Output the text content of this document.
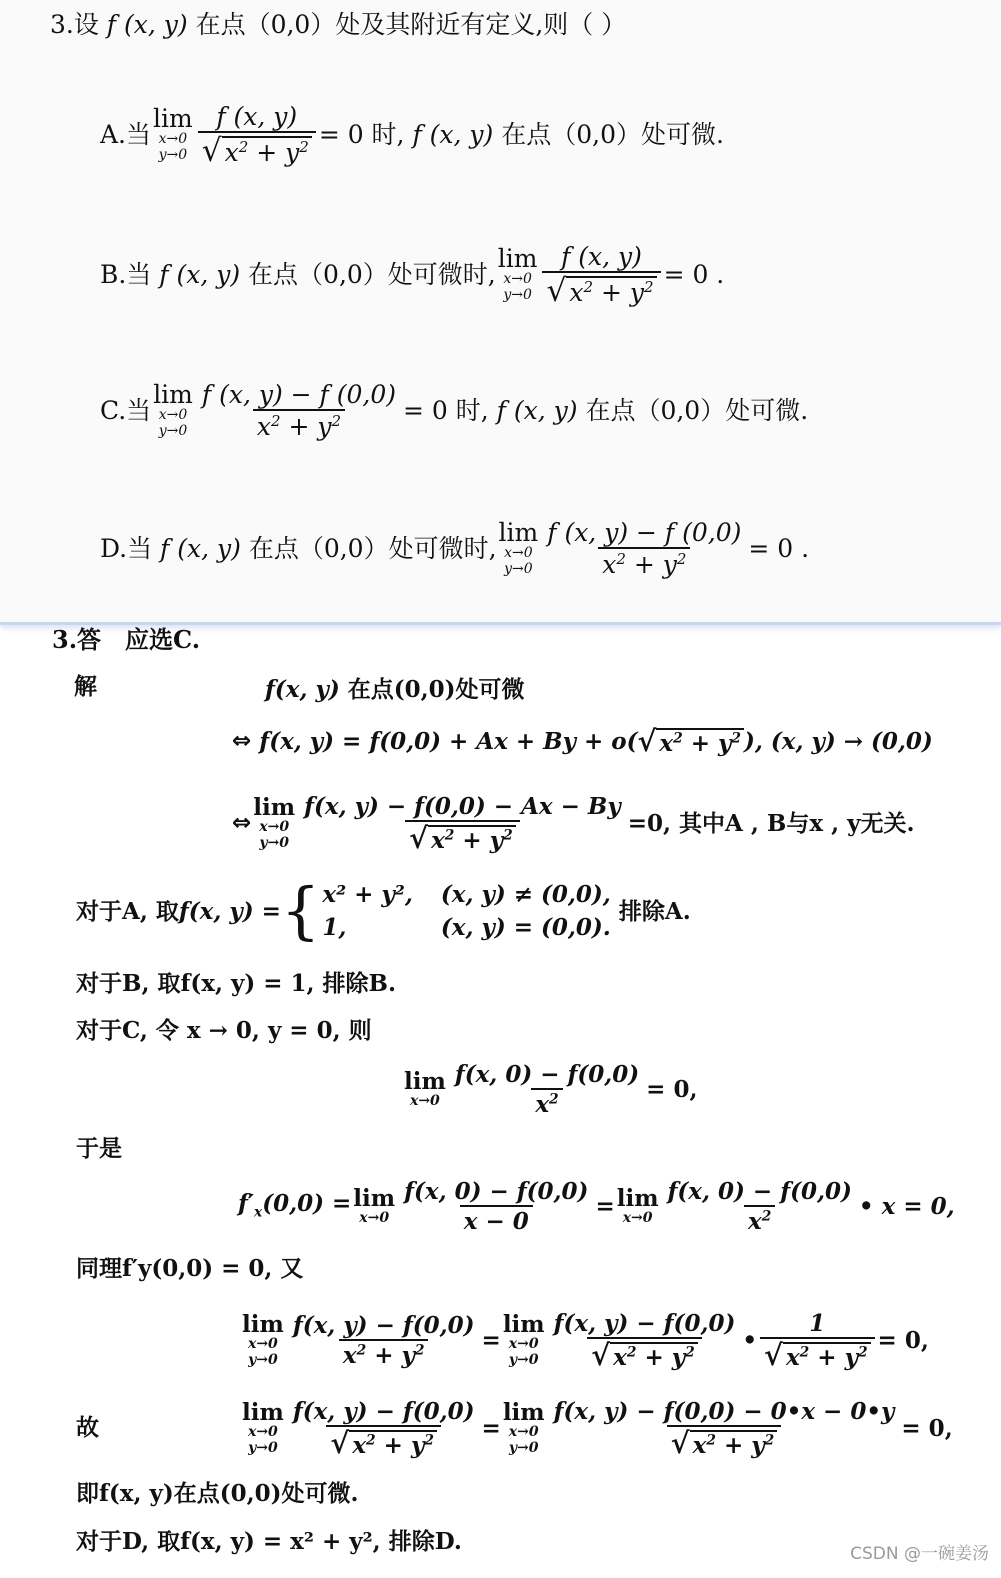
3.设 f (x, y) 在点（0,0）处及其附近有定义,则（ ）
A.当
lim
x→0
$y\to 0 \frac{f (x, y)}{√ x^2 + y^2} = 0$ 时, f (x, y) 在点（0,0）处可微.
B.当 f (x, y) 在点（0,0）处可微时,
lim
x→0
$y\to 0 \frac{f (x, y)}{√ x^2 + y^2} = 0$ .
C.当
lim
x→0
$y\to 0 \frac{f (x, y) - f (0,0)}{x^2 + y^2} = 0$ 时, f (x, y) 在点（0,0）处可微.
D.当 f (x, y) 在点（0,0）处可微时,
lim
x→0
$y\to 0 \frac{f (x, y) - f (0,0)}{x^2 + y^2} = 0$ .
3.答　应选C.
解	f(x, y) 在点(0,0)处可微
⇔
f(x, y) = f(0,0) + Ax + By + o( √ $x^2 + y^2$ ), (x, y) → (0,0)
⇔
lim
x→0
$y\to 0 \frac{f(x, y) - f(0,0) - Ax - By}{√ x^2 + y^2} =0$, 其中A , B与x , y无关.
对于A, 取 f(x, y) = { x² + y², (x, y) ≠ (0,0),
1,	(x, y) = (0,0).

排除A.
对于B, 取f(x, y) = 1, 排除B.
对于C, 令 x → 0, y = 0, 则
lim
$x\to 0 \frac{f(x, 0) - f(0,0)}{x^2} = 0$,
于是
$f'_x(0,0) = \lim$
$x\to 0 \frac{f(x, 0) - f(0,0)}{x - 0} = \lim$
$x\to 0 \frac{f(x, 0) - f(0,0)}{x^2}$ • x = 0,
同理f′y(0,0) = 0, 又
lim
x→0
$y\to 0 \frac{f(x, y) - f(0,0)}{x^2 + y^2}$ =
lim
x→0
$y\to 0 \frac{f(x, y) - f(0,0)}{√ x^2 + y^2}$ • $\frac{1}{√ x^2 + y^2} = 0$,
故
lim
x→0
$y\to 0 \frac{f(x, y) - f(0,0)}{√ x^2 + y^2}$ =
lim
x→0
$y\to 0 \frac{f(x, y) - f(0,0) - 0•x - 0•y}{√ x^2 + y^2} = 0$,
即f(x, y)在点(0,0)处可微.
对于D, 取f(x, y) = x² + y², 排除D.	CSDN @一碗姜汤
